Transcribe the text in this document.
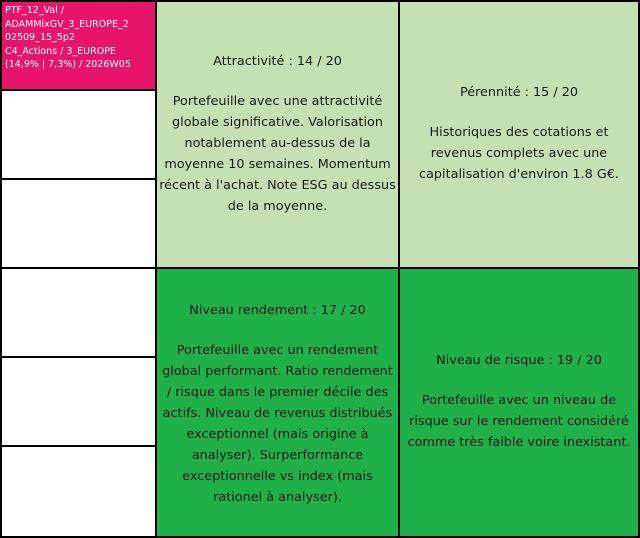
PTF_12_Val /
ADAMMixGV_3_EUROPE_2
02509_15_5p2
C4_Actions / 3_EUROPE
(14,9% | 7,3%) / 2026W05	Attractivité : 14 / 20
Portefeuille avec une attractivité globale significative. Valorisation notablement au-dessus de la moyenne 10 semaines. Momentum récent à l'achat. Note ESG au dessus de la moyenne.
Pérennité : 15 / 20
Historiques des cotations et revenus complets avec une capitalisation d'environ 1.8 G€.
Niveau rendement : 17 / 20
Portefeuille avec un rendement global performant. Ratio rendement / risque dans le premier décile des actifs. Niveau de revenus distribués exceptionnel (mais origine à analyser). Surperformance exceptionnelle vs index (mais rationel à analyser).
Niveau de risque : 19 / 20
Portefeuille avec un niveau de risque sur le rendement considéré comme très faible voire inexistant.
